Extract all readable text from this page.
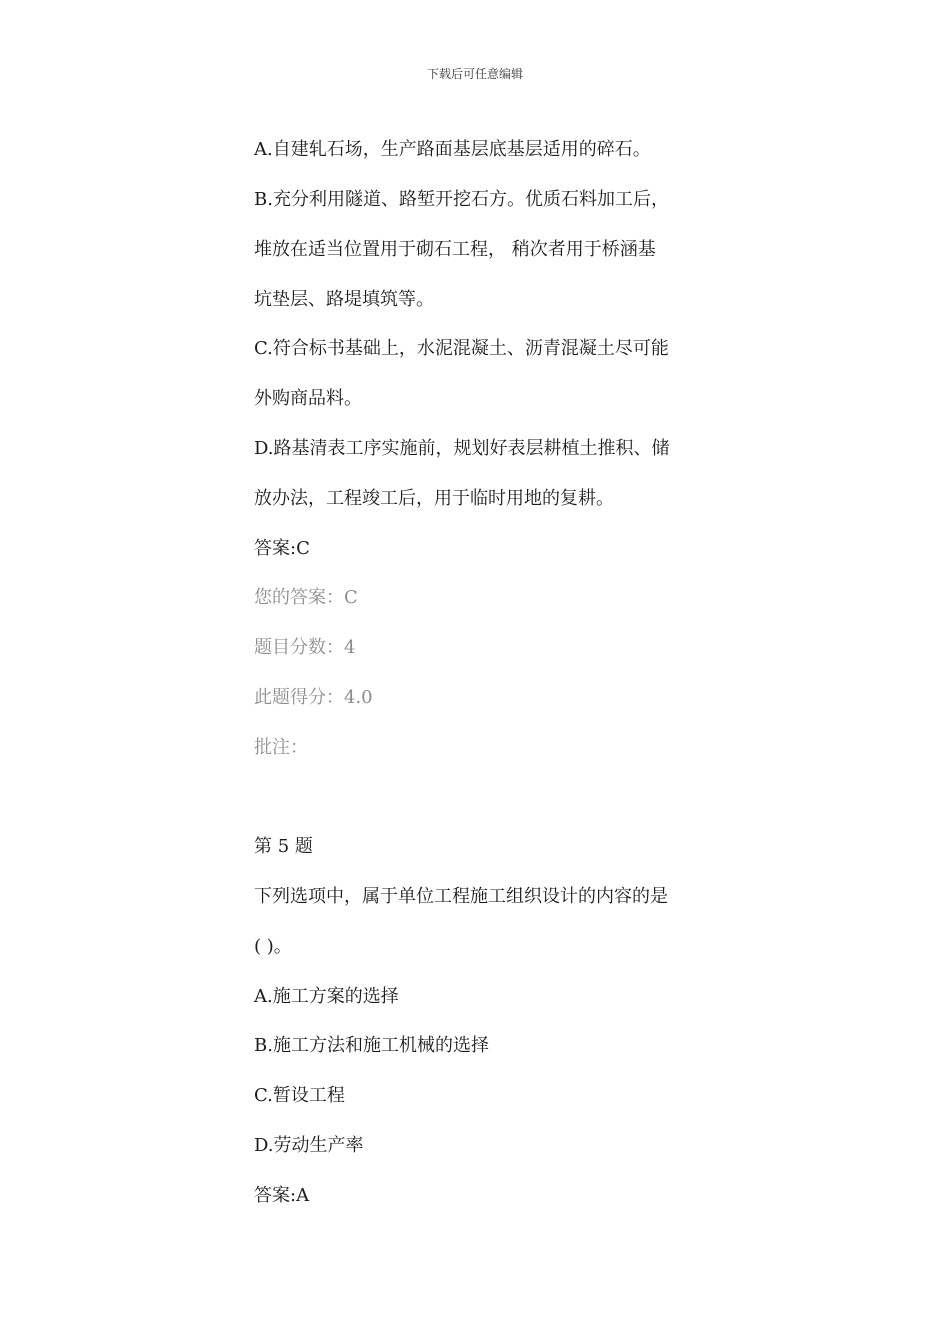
下载后可任意编辑
A.自建轧石场，生产路面基层底基层适用的碎石。
B.充分利用隧道、路堑开挖石方。优质石料加工后，
堆放在适当位置用于砌石工程， 稍次者用于桥涵基
坑垫层、路堤填筑等。
C.符合标书基础上，水泥混凝土、沥青混凝土尽可能
外购商品料。
D.路基清表工序实施前，规划好表层耕植土推积、储
放办法，工程竣工后，用于临时用地的复耕。
答案:C
您的答案：C
题目分数：4
此题得分：4.0
批注：
第 5 题
下列选项中，属于单位工程施工组织设计的内容的是
( )。
A.施工方案的选择
B.施工方法和施工机械的选择
C.暂设工程
D.劳动生产率
答案:A
